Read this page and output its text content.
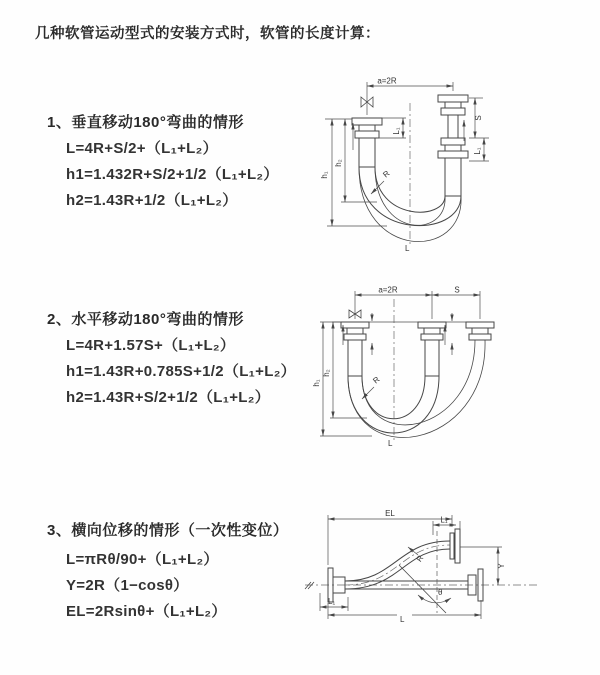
几种软管运动型式的安装方式时，软管的长度计算：
1、垂直移动180°弯曲的情形
L=4R+S/2+（L₁+L₂）
h1=1.432R+S/2+1/2（L₁+L₂）
h2=1.43R+1/2（L₁+L₂）
2、水平移动180°弯曲的情形
L=4R+1.57S+（L₁+L₂）
h1=1.43R+0.785S+1/2（L₁+L₂）
h2=1.43R+S/2+1/2（L₁+L₂）
3、横向位移的情形（一次性变位）
L=πRθ/90+（L₁+L₂）
Y=2R（1−cosθ）
EL=2Rsinθ+（L₁+L₂）
a=2R
L₁
S
L₁
R
h₁
h₂
L
a=2R	S
R
h₁
h₂
L
EL
L₁
Y
R
θ
L
L₁
